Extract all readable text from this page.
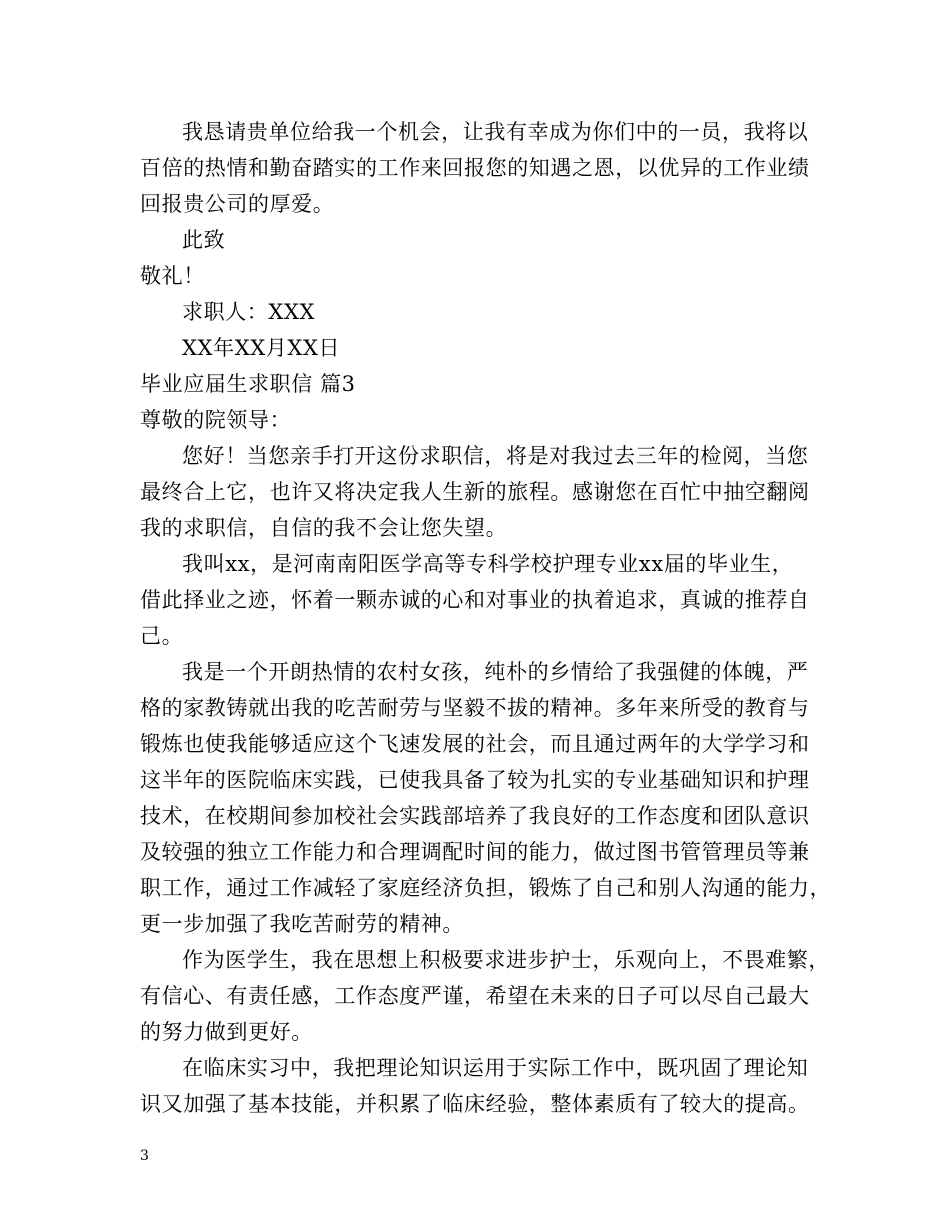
我恳请贵单位给我一个机会，让我有幸成为你们中的一员，我将以
百倍的热情和勤奋踏实的工作来回报您的知遇之恩，以优异的工作业绩
回报贵公司的厚爱。
此致
敬礼！
求职人：XXX
XX年XX月XX日
毕业应届生求职信 篇3
尊敬的院领导：
您好！当您亲手打开这份求职信，将是对我过去三年的检阅，当您
最终合上它，也许又将决定我人生新的旅程。感谢您在百忙中抽空翻阅
我的求职信，自信的我不会让您失望。
我叫xx，是河南南阳医学高等专科学校护理专业xx届的毕业生，
借此择业之迹，怀着一颗赤诚的心和对事业的执着追求，真诚的推荐自
己。
我是一个开朗热情的农村女孩，纯朴的乡情给了我强健的体魄，严
格的家教铸就出我的吃苦耐劳与坚毅不拔的精神。多年来所受的教育与
锻炼也使我能够适应这个飞速发展的社会，而且通过两年的大学学习和
这半年的医院临床实践，已使我具备了较为扎实的专业基础知识和护理
技术，在校期间参加校社会实践部培养了我良好的工作态度和团队意识
及较强的独立工作能力和合理调配时间的能力，做过图书管管理员等兼
职工作，通过工作减轻了家庭经济负担，锻炼了自己和别人沟通的能力，
更一步加强了我吃苦耐劳的精神。
作为医学生，我在思想上积极要求进步护士，乐观向上，不畏难繁，
有信心、有责任感，工作态度严谨，希望在未来的日子可以尽自己最大
的努力做到更好。
在临床实习中，我把理论知识运用于实际工作中，既巩固了理论知
识又加强了基本技能，并积累了临床经验，整体素质有了较大的提高。
3
